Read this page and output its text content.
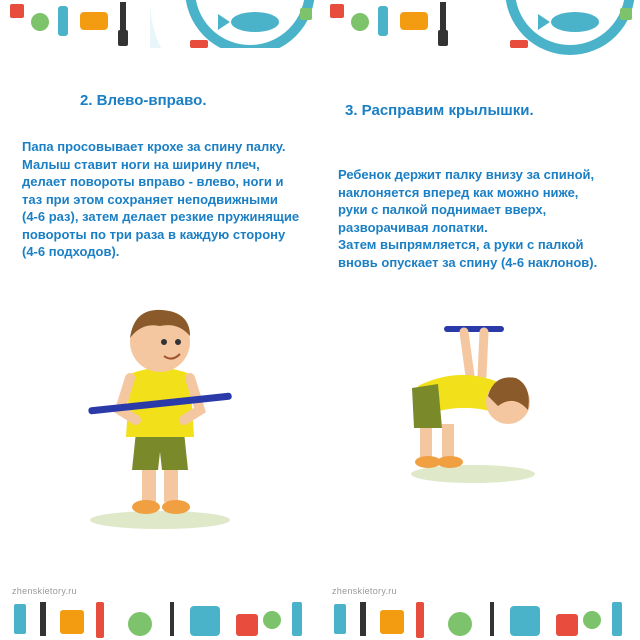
2. Влево-вправо.
Папа просовывает крохе за спину палку.
Малыш ставит ноги на ширину плеч,
делает повороты вправо - влево, ноги и
таз при этом сохраняет неподвижными
(4-6 раз), затем делает резкие пружинящие
повороты по три раза в каждую сторону
(4-6 подходов).
3. Расправим крылышки.
Ребенок держит палку внизу за спиной,
наклоняется вперед как можно ниже,
руки с палкой поднимает вверх,
разворачивая лопатки.
Затем выпрямляется, а руки с палкой
вновь опускает за спину (4-6 наклонов).
zhenskietory.ru	zhenskietory.ru
